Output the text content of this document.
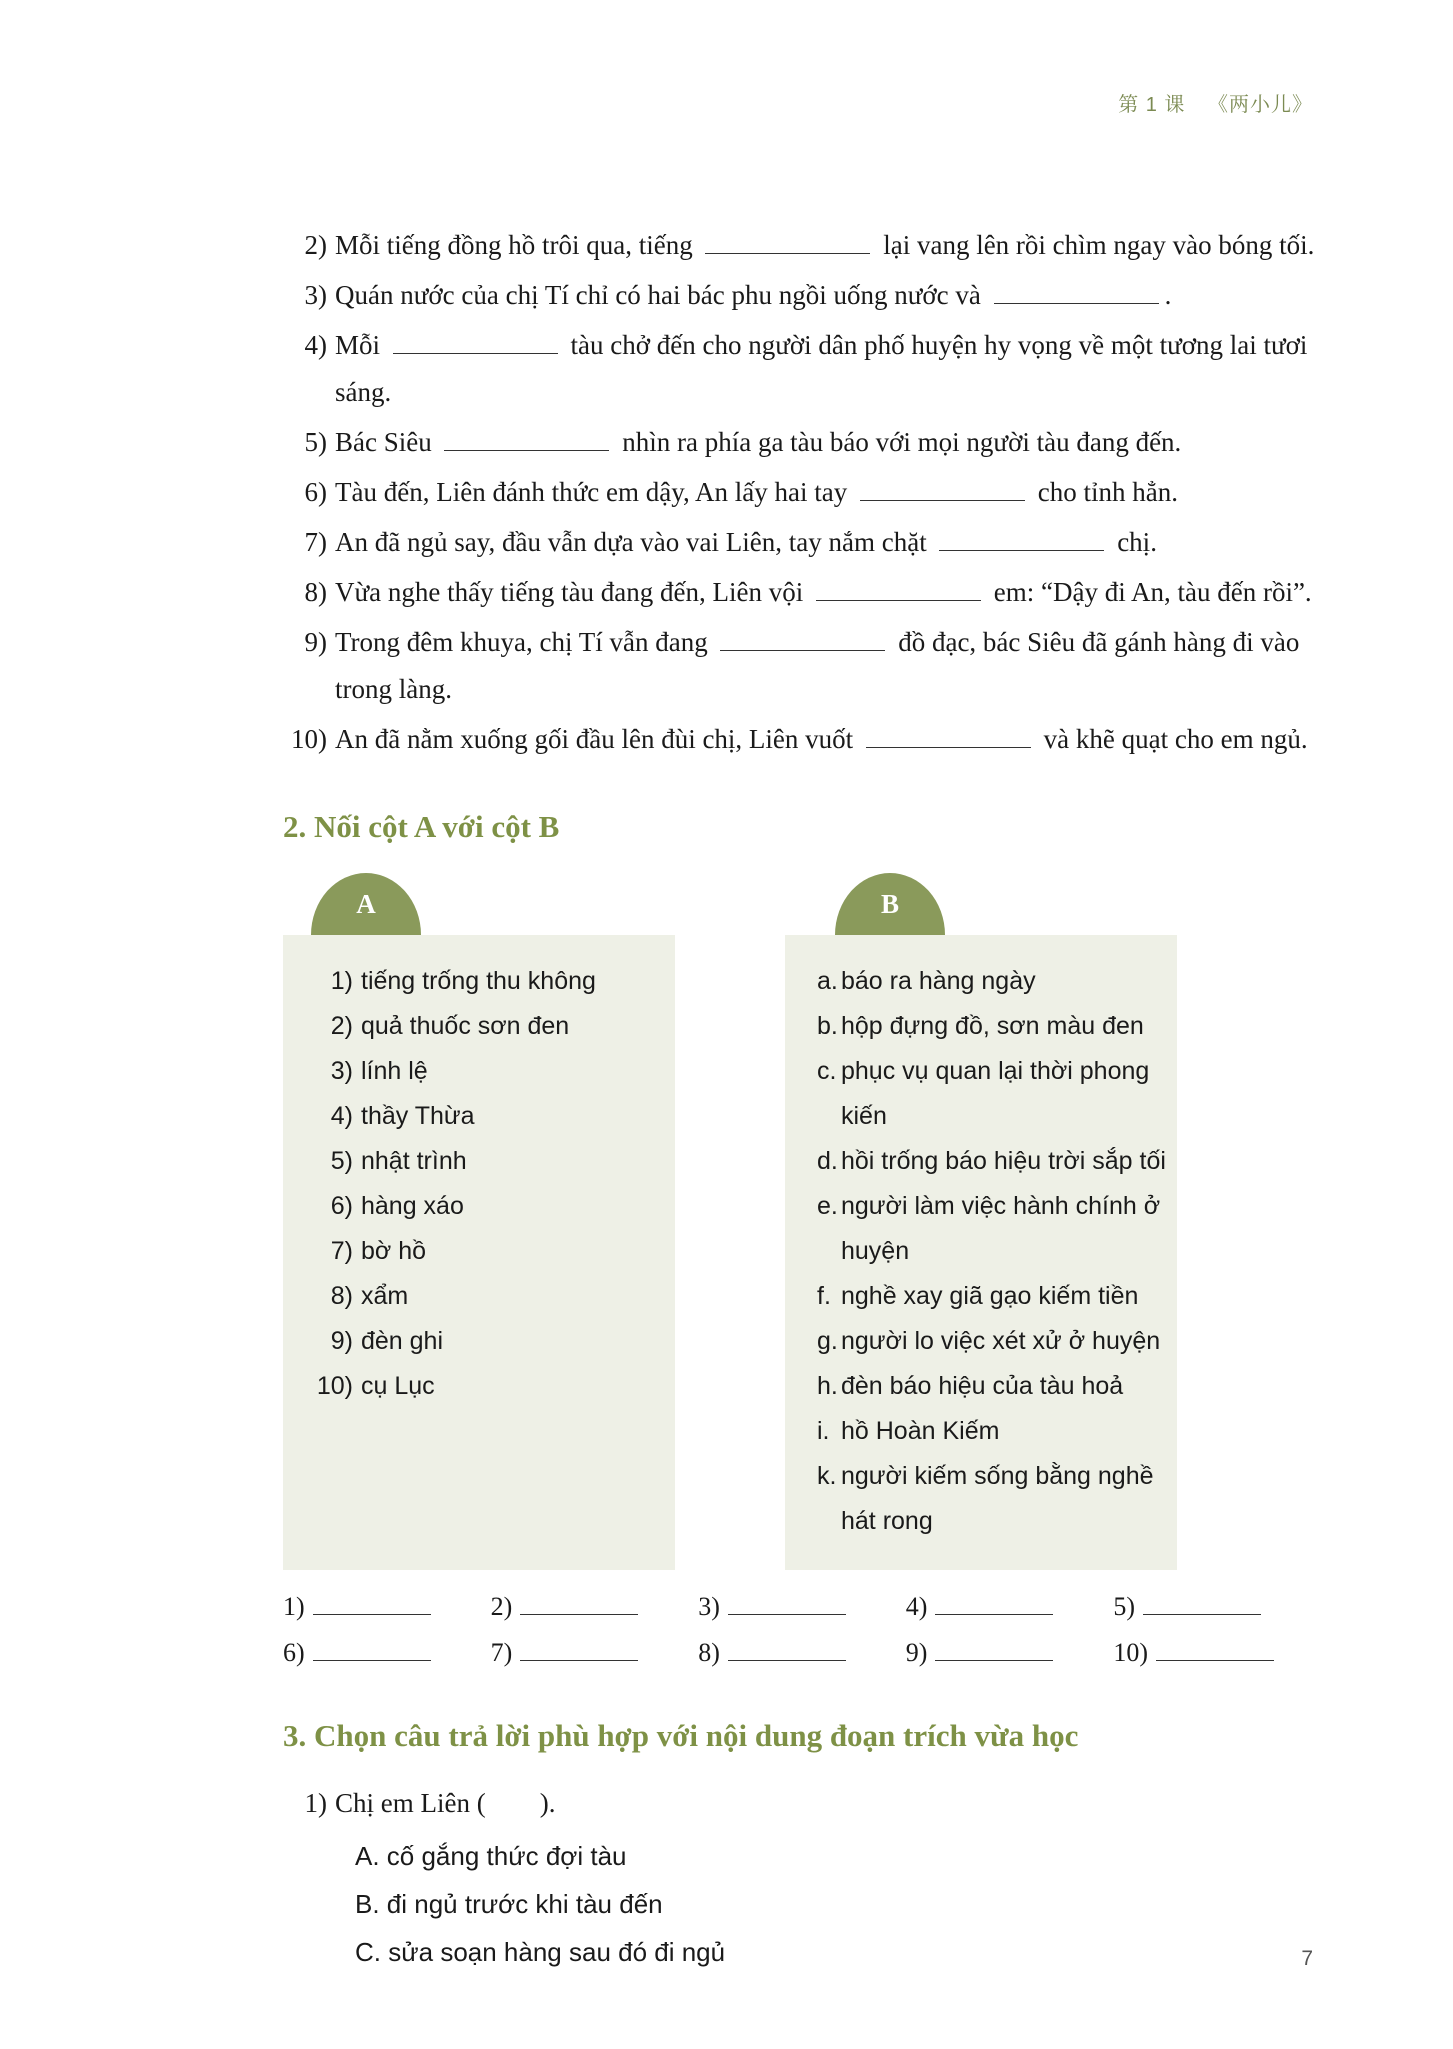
第 1 课 《两小儿》
2) Mỗi tiếng đồng hồ trôi qua, tiếng	lại vang lên rồi chìm ngay vào bóng tối.
3) Quán nước của chị Tí chỉ có hai bác phu ngồi uống nước và	.
4) Mỗi	tàu chở đến cho người dân phố huyện hy vọng về một tương lai tươi sáng.
5) Bác Siêu	nhìn ra phía ga tàu báo với mọi người tàu đang đến.
6) Tàu đến, Liên đánh thức em dậy, An lấy hai tay	cho tỉnh hẳn.
7) An đã ngủ say, đầu vẫn dựa vào vai Liên, tay nắm chặt	chị.
8) Vừa nghe thấy tiếng tàu đang đến, Liên vội	em: “Dậy đi An, tàu đến rồi”.
9) Trong đêm khuya, chị Tí vẫn đang	đồ đạc, bác Siêu đã gánh hàng đi vào trong làng.
10) An đã nằm xuống gối đầu lên đùi chị, Liên vuốt	và khẽ quạt cho em ngủ.
2. Nối cột A với cột B
A	B
1) tiếng trống thu không
2) quả thuốc sơn đen
3) lính lệ
4) thầy Thừa
5) nhật trình
6) hàng xáo
7) bờ hồ
8) xẩm
9) đèn ghi
10) cụ Lục
a. báo ra hàng ngày
b. hộp đựng đồ, sơn màu đen
c. phục vụ quan lại thời phong kiến
d. hồi trống báo hiệu trời sắp tối
e. người làm việc hành chính ở huyện
f. nghề xay giã gạo kiếm tiền
g. người lo việc xét xử ở huyện
h. đèn báo hiệu của tàu hoả
i. hồ Hoàn Kiếm
k. người kiếm sống bằng nghề hát rong
1)	2)	3)	4)	5)
6)	7)	8)	9)	10)
3. Chọn câu trả lời phù hợp với nội dung đoạn trích vừa học
1) Chị em Liên ( ).
A. cố gắng thức đợi tàu
B. đi ngủ trước khi tàu đến
C. sửa soạn hàng sau đó đi ngủ	7
